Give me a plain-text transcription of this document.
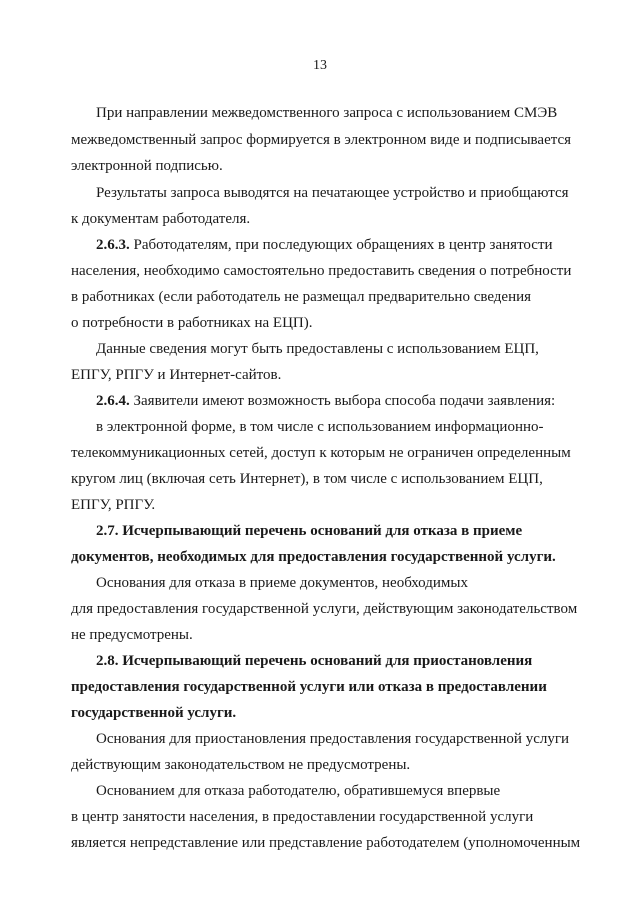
13
При направлении межведомственного запроса с использованием СМЭВ
межведомственный запрос формируется в электронном виде и подписывается
электронной подписью.
Результаты запроса выводятся на печатающее устройство и приобщаются
к документам работодателя.
2.6.3. Работодателям, при последующих обращениях в центр занятости
населения, необходимо самостоятельно предоставить сведения о потребности
в работниках (если работодатель не размещал предварительно сведения
о потребности в работниках на ЕЦП).
Данные сведения могут быть предоставлены с использованием ЕЦП,
ЕПГУ, РПГУ и Интернет-сайтов.
2.6.4. Заявители имеют возможность выбора способа подачи заявления:
в электронной форме, в том числе с использованием информационно-
телекоммуникационных сетей, доступ к которым не ограничен определенным
кругом лиц (включая сеть Интернет), в том числе с использованием ЕЦП,
ЕПГУ, РПГУ.
2.7. Исчерпывающий перечень оснований для отказа в приеме
документов, необходимых для предоставления государственной услуги.
Основания для отказа в приеме документов, необходимых
для предоставления государственной услуги, действующим законодательством
не предусмотрены.
2.8. Исчерпывающий перечень оснований для приостановления
предоставления государственной услуги или отказа в предоставлении
государственной услуги.
Основания для приостановления предоставления государственной услуги
действующим законодательством не предусмотрены.
Основанием для отказа работодателю, обратившемуся впервые
в центр занятости населения, в предоставлении государственной услуги
является непредставление или представление работодателем (уполномоченным
